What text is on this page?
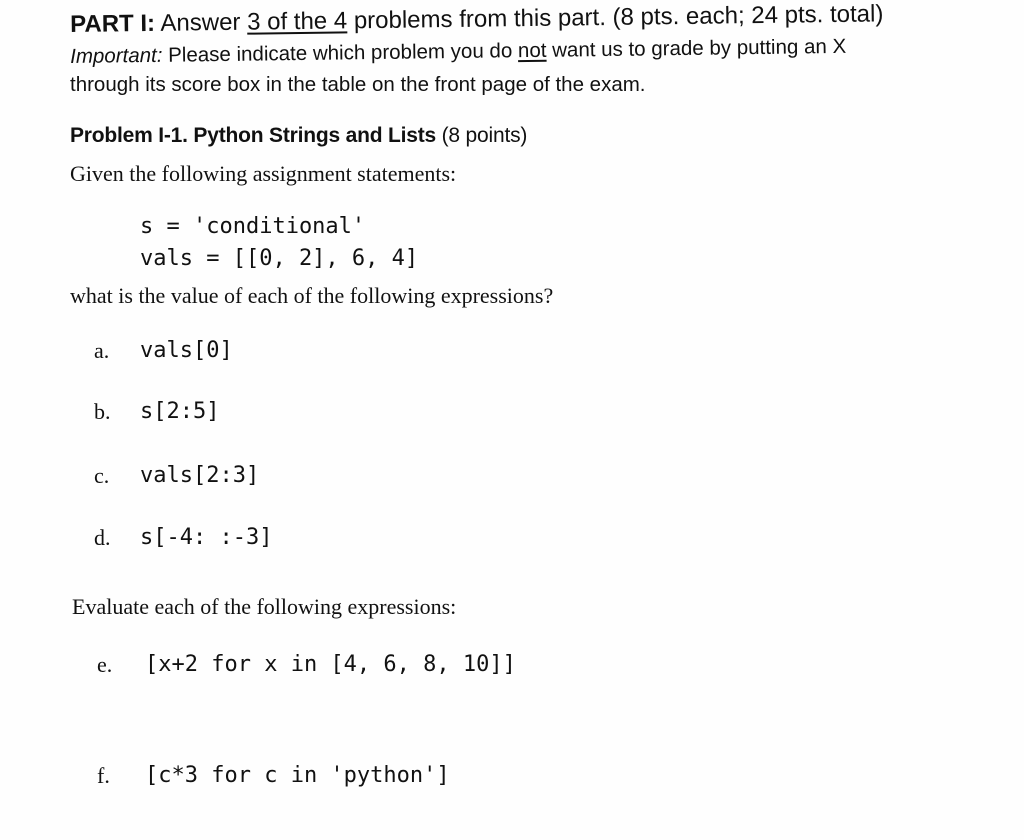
PART I: Answer 3 of the 4 problems from this part. (8 pts. each; 24 pts. total)
Important: Please indicate which problem you do not want us to grade by putting an X
through its score box in the table on the front page of the exam.
Problem I-1. Python Strings and Lists (8 points)
Given the following assignment statements:
s = 'conditional'
vals = [[0, 2], 6, 4]
what is the value of each of the following expressions?
a. vals[0]
b. s[2:5]
c. vals[2:3]
d. s[-4: :-3]
Evaluate each of the following expressions:
e. [x+2 for x in [4, 6, 8, 10]]
f. [c*3 for c in 'python']
